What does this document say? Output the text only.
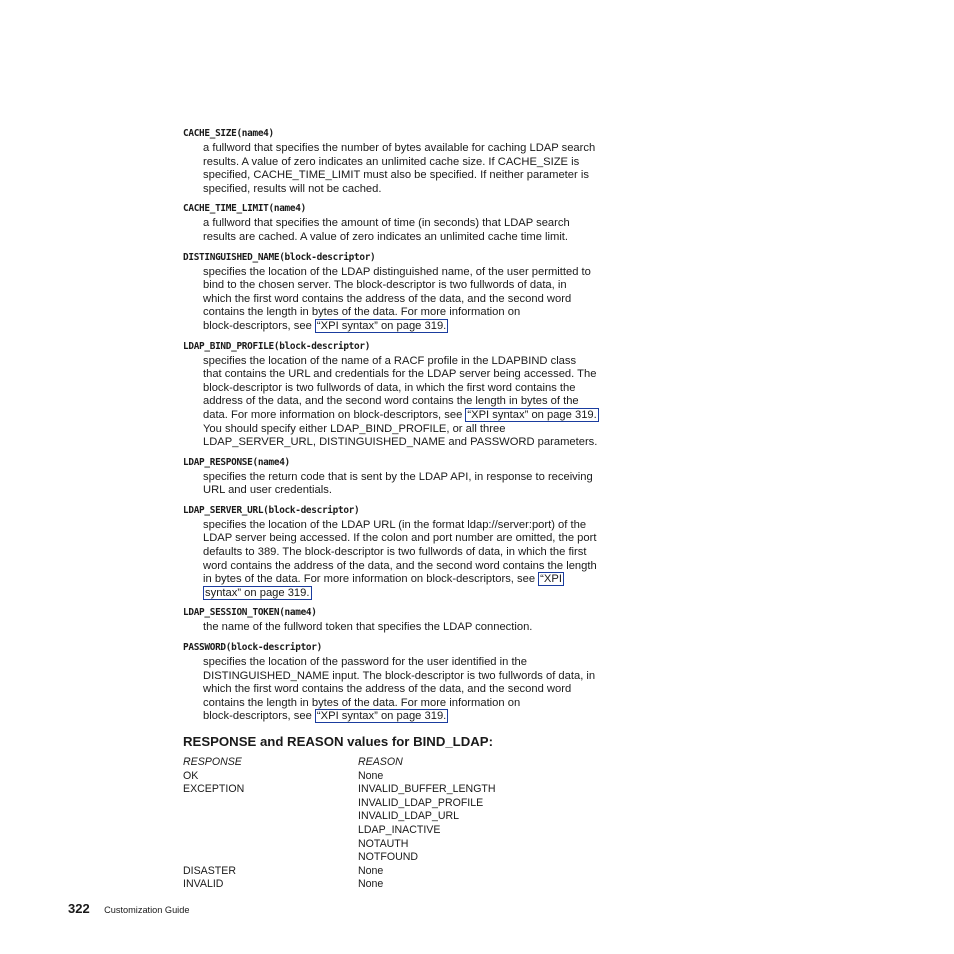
CACHE_SIZE(name4)

a fullword that specifies the number of bytes available for caching LDAP search
results. A value of zero indicates an unlimited cache size. If CACHE_SIZE is
specified, CACHE_TIME_LIMIT must also be specified. If neither parameter is
specified, results will not be cached.

CACHE_TIME_LIMIT(name4)

a fullword that specifies the amount of time (in seconds) that LDAP search
results are cached. A value of zero indicates an unlimited cache time limit.

DISTINGUISHED_NAME(block-descriptor)

specifies the location of the LDAP distinguished name, of the user permitted to
bind to the chosen server. The block-descriptor is two fullwords of data, in
which the first word contains the address of the data, and the second word
contains the length in bytes of the data. For more information on
block-descriptors, see “XPI syntax” on page 319.

LDAP_BIND_PROFILE(block-descriptor)

specifies the location of the name of a RACF profile in the LDAPBIND class
that contains the URL and credentials for the LDAP server being accessed. The
block-descriptor is two fullwords of data, in which the first word contains the
address of the data, and the second word contains the length in bytes of the
data. For more information on block-descriptors, see “XPI syntax” on page 319.
You should specify either LDAP_BIND_PROFILE, or all three
LDAP_SERVER_URL, DISTINGUISHED_NAME and PASSWORD parameters.

LDAP_RESPONSE(name4)

specifies the return code that is sent by the LDAP API, in response to receiving
URL and user credentials.

LDAP_SERVER_URL(block-descriptor)

specifies the location of the LDAP URL (in the format ldap://server:port) of the
LDAP server being accessed. If the colon and port number are omitted, the port
defaults to 389. The block-descriptor is two fullwords of data, in which the first
word contains the address of the data, and the second word contains the length
in bytes of the data. For more information on block-descriptors, see “XPI
syntax” on page 319.

LDAP_SESSION_TOKEN(name4)

the name of the fullword token that specifies the LDAP connection.

PASSWORD(block-descriptor)

specifies the location of the password for the user identified in the
DISTINGUISHED_NAME input. The block-descriptor is two fullwords of data, in
which the first word contains the address of the data, and the second word
contains the length in bytes of the data. For more information on
block-descriptors, see “XPI syntax” on page 319.
RESPONSE and REASON values for BIND_LDAP:
RESPONSE	REASON
OK	None
EXCEPTION	INVALID_BUFFER_LENGTH
	INVALID_LDAP_PROFILE
	INVALID_LDAP_URL
	LDAP_INACTIVE
	NOTAUTH
	NOTFOUND
DISASTER	None
INVALID	None
322 Customization Guide
